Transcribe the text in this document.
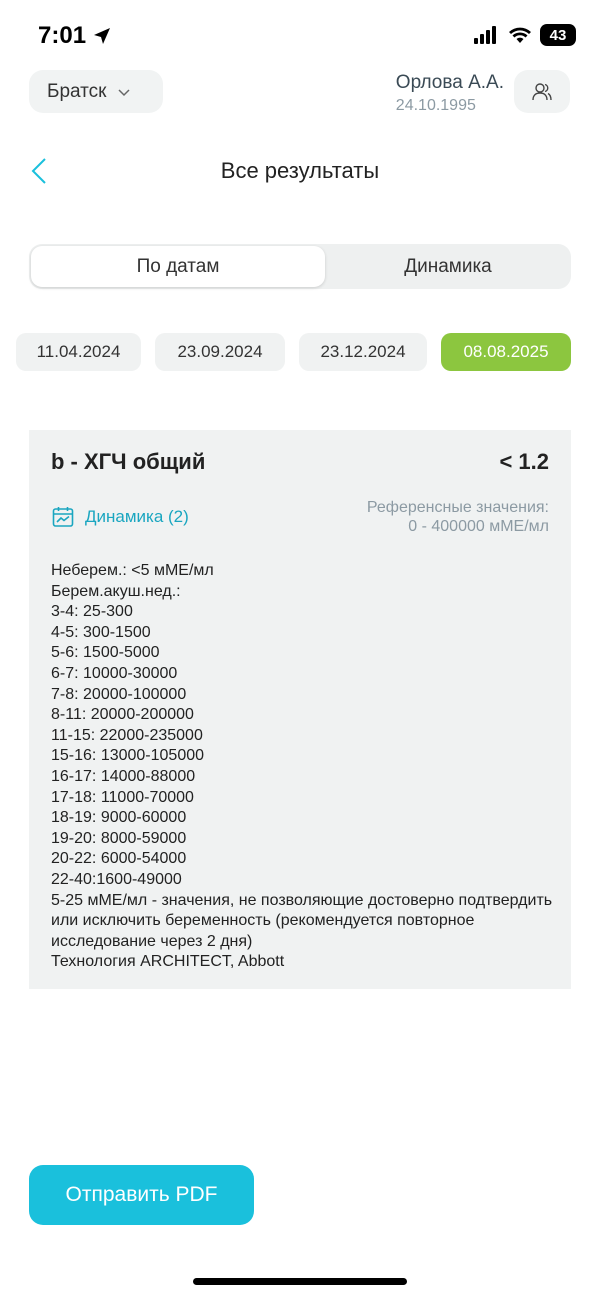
7:01	43
Братск	Орлова А.А.
24.10.1995
Все результаты
По датам	Динамика
11.04.2024	23.09.2024	23.12.2024	08.08.2025
b - ХГЧ общий	< 1.2
Динамика (2)	Референсные значения:
0 - 400000 мМЕ/мл
Неберем.: <5 мМЕ/мл
Берем.акуш.нед.:
3-4: 25-300
4-5: 300-1500
5-6: 1500-5000
6-7: 10000-30000
7-8: 20000-100000
8-11: 20000-200000
11-15: 22000-235000
15-16: 13000-105000
16-17: 14000-88000
17-18: 11000-70000
18-19: 9000-60000
19-20: 8000-59000
20-22: 6000-54000
22-40:1600-49000
5-25 мМЕ/мл - значения, не позволяющие достоверно подтвердить или исключить беременность (рекомендуется повторное исследование через 2 дня)
Технология ARCHITECT, Abbott
Отправить PDF
